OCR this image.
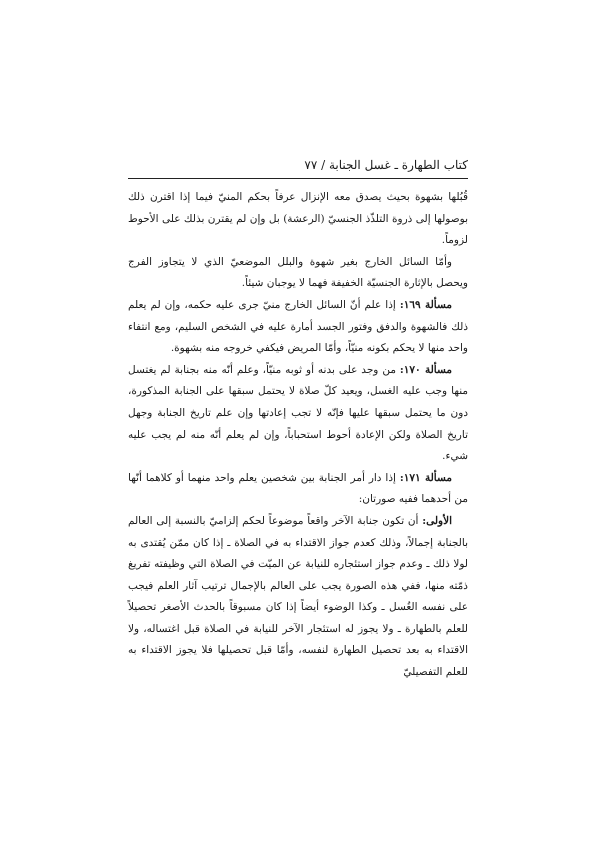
كتاب الطهارة ـ غسل الجنابة / ٧٧

قُبُلها بشهوة بحيث يصدق معه الإنزال عرفاً بحكم المنيّ فيما إذا اقترن ذلك بوصولها إلى ذروة التلذّذ الجنسيّ (الرعشة) بل وإن لم يقترن بذلك على الأحوط لزوماً.

وأمّا السائل الخارج بغير شهوة والبلل الموضعيّ الذي لا يتجاوز الفرج ويحصل بالإثارة الجنسيّة الخفيفة فهما لا يوجبان شيئاً.

مسألة ١٦٩: إذا علم أنّ السائل الخارج منيّ جرى عليه حكمه، وإن لم يعلم ذلك فالشهوة والدفق وفتور الجسد أمارة عليه في الشخص السليم، ومع انتفاء واحد منها لا يحكم بكونه منيّاً، وأمّا المريض فيكفي خروجه منه بشهوة.

مسألة ١٧٠: من وجد على بدنه أو ثوبه منيّاً، وعلم أنّه منه بجنابة لم يغتسل منها وجب عليه الغسل، ويعيد كلّ صلاة لا يحتمل سبقها على الجنابة المذكورة، دون ما يحتمل سبقها عليها فإنّه لا تجب إعادتها وإن علم تاريخ الجنابة وجهل تاريخ الصلاة ولكن الإعادة أحوط استحباباً، وإن لم يعلم أنّه منه لم يجب عليه شيء.

مسألة ١٧١: إذا دار أمر الجنابة بين شخصين يعلم واحد منهما أو كلاهما أنّها من أحدهما ففيه صورتان:

الأولى: أن تكون جنابة الآخر واقعاً موضوعاً لحكم إلزاميّ بالنسبة إلى العالم بالجنابة إجمالاً، وذلك كعدم جواز الاقتداء به في الصلاة ـ إذا كان ممّن يُقتدى به لولا ذلك ـ وعدم جواز استئجاره للنيابة عن الميّت في الصلاة التي وظيفته تفريغ ذمّته منها، ففي هذه الصورة يجب على العالم بالإجمال ترتيب آثار العلم فيجب على نفسه الغُسل ـ وكذا الوضوء أيضاً إذا كان مسبوقاً بالحدث الأصغر تحصيلاً للعلم بالطهارة ـ ولا يجوز له استئجار الآخر للنيابة في الصلاة قبل اغتساله، ولا الاقتداء به بعد تحصيل الطهارة لنفسه، وأمّا قبل تحصيلها فلا يجوز الاقتداء به للعلم التفصيليّ
